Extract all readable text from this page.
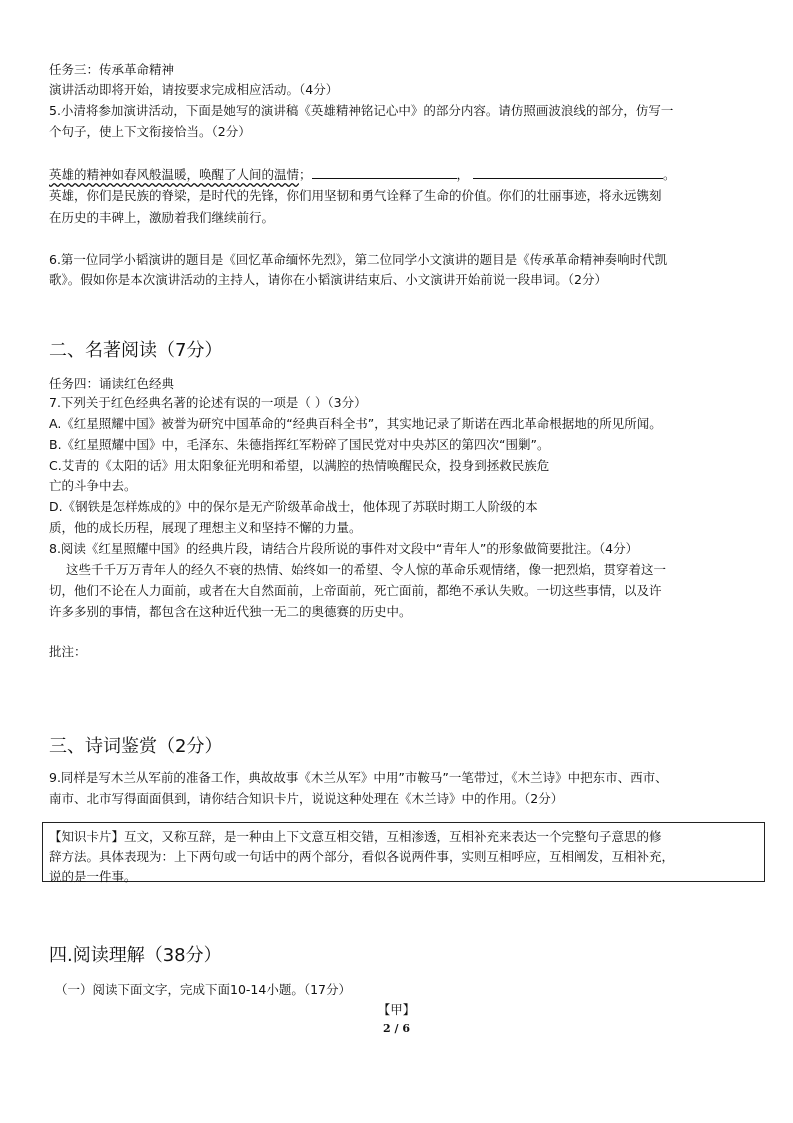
任务三：传承革命精神
演讲活动即将开始，请按要求完成相应活动。（4分）
5.小清将参加演讲活动，下面是她写的演讲稿《英雄精神铭记心中》的部分内容。请仿照画波浪线的部分，仿写一
个句子，使上下文衔接恰当。（2分）
英雄的精神如春风般温暖，唤醒了人间的温情；	，	。
英雄，你们是民族的脊梁，是时代的先锋，你们用坚韧和勇气诠释了生命的价值。你们的壮丽事迹，将永远镌刻
在历史的丰碑上，激励着我们继续前行。
6.第一位同学小韬演讲的题目是《回忆革命缅怀先烈》，第二位同学小文演讲的题目是《传承革命精神奏响时代凯
歌》。假如你是本次演讲活动的主持人，请你在小韬演讲结束后、小文演讲开始前说一段串词。（2分）
二、名著阅读（7分）
任务四：诵读红色经典
7.下列关于红色经典名著的论述有误的一项是（ ）（3分）
A.《红星照耀中国》被誉为研究中国革命的“经典百科全书”，其实地记录了斯诺在西北革命根据地的所见所闻。
B.《红星照耀中国》中，毛泽东、朱德指挥红军粉碎了国民党对中央苏区的第四次“围剿”。
C.艾青的《太阳的话》用太阳象征光明和希望，以满腔的热情唤醒民众，投身到拯救民族危
亡的斗争中去。
D.《钢铁是怎样炼成的》中的保尔是无产阶级革命战士，他体现了苏联时期工人阶级的本
质，他的成长历程，展现了理想主义和坚持不懈的力量。
8.阅读《红星照耀中国》的经典片段，请结合片段所说的事件对文段中“青年人”的形象做简要批注。（4分）
这些千千万万青年人的经久不衰的热情、始终如一的希望、令人惊的革命乐观情绪，像一把烈焰，贯穿着这一
切，他们不论在人力面前，或者在大自然面前，上帝面前，死亡面前，都绝不承认失败。一切这些事情，以及许
许多多别的事情，都包含在这种近代独一无二的奥德赛的历史中。
批注：
三、诗词鉴赏（2分）
9.同样是写木兰从军前的准备工作，典故故事《木兰从军》中用”市鞍马”一笔带过，《木兰诗》中把东市、西市、
南市、北市写得面面俱到，请你结合知识卡片，说说这种处理在《木兰诗》中的作用。（2分）
【知识卡片】互文，又称互辞，是一种由上下文意互相交错，互相渗透，互相补充来表达一个完整句子意思的修
辞方法。具体表现为：上下两句或一句话中的两个部分，看似各说两件事，实则互相呼应，互相阐发，互相补充，
说的是一件事。
四.阅读理解（38分）
（一）阅读下面文字，完成下面10-14小题。（17分）
【甲】
2 / 6
